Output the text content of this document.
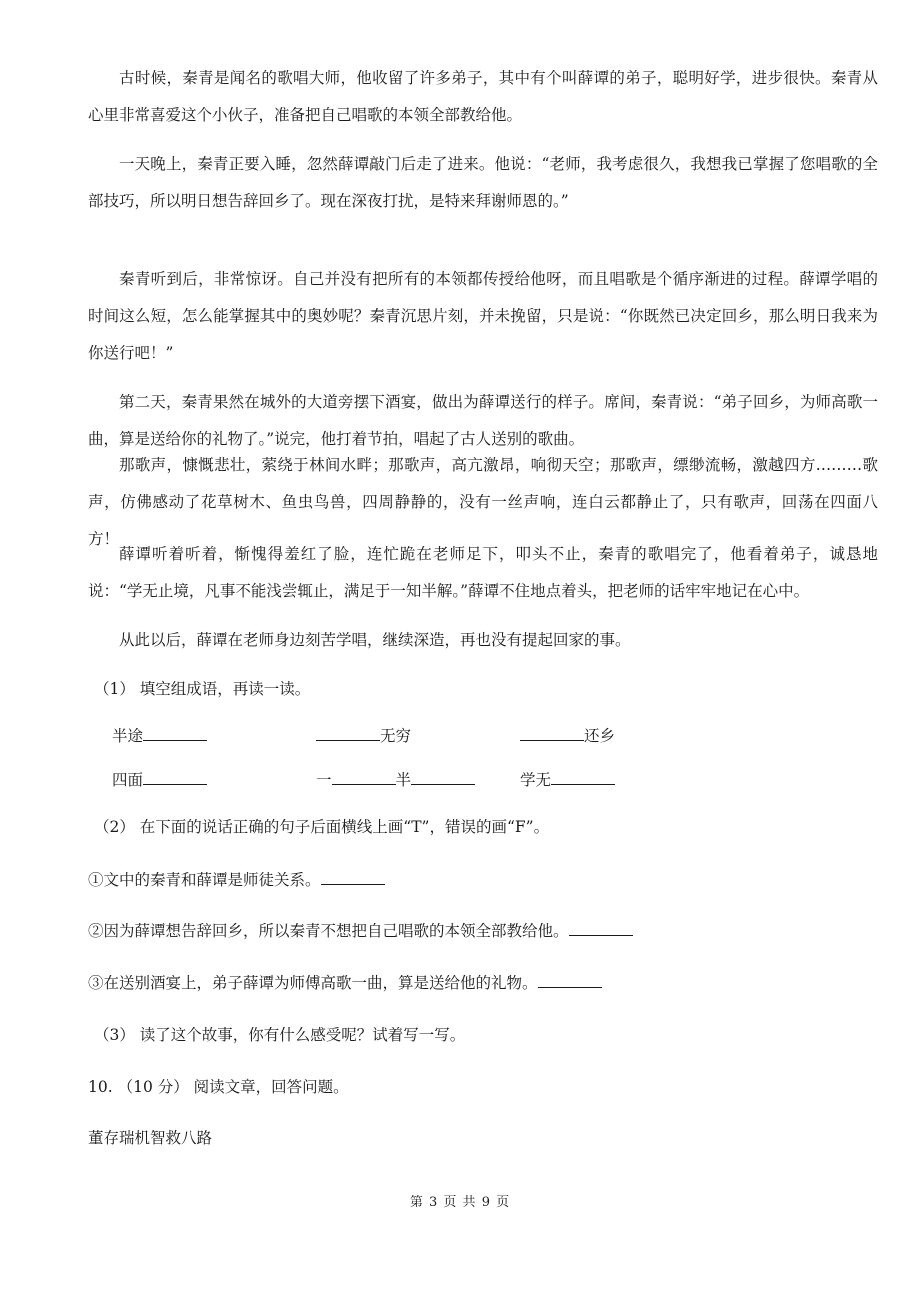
古时候，秦青是闻名的歌唱大师，他收留了许多弟子，其中有个叫薛谭的弟子，聪明好学，进步很快。秦青从心里非常喜爱这个小伙子，准备把自己唱歌的本领全部教给他。

一天晚上，秦青正要入睡，忽然薛谭敲门后走了进来。他说：“老师，我考虑很久，我想我已掌握了您唱歌的全部技巧，所以明日想告辞回乡了。现在深夜打扰，是特来拜谢师恩的。”

秦青听到后，非常惊讶。自己并没有把所有的本领都传授给他呀，而且唱歌是个循序渐进的过程。薛谭学唱的时间这么短，怎么能掌握其中的奥妙呢？秦青沉思片刻，并未挽留，只是说：“你既然已决定回乡，那么明日我来为你送行吧！”

第二天，秦青果然在城外的大道旁摆下酒宴，做出为薛谭送行的样子。席间，秦青说：“弟子回乡，为师高歌一曲，算是送给你的礼物了。”说完，他打着节拍，唱起了古人送别的歌曲。

那歌声，慷慨悲壮，萦绕于林间水畔；那歌声，高亢激昂，响彻天空；那歌声，缥缈流畅，激越四方………歌声，仿佛感动了花草树木、鱼虫鸟兽，四周静静的，没有一丝声响，连白云都静止了，只有歌声，回荡在四面八方！

薛谭听着听着，惭愧得羞红了脸，连忙跪在老师足下，叩头不止，秦青的歌唱完了，他看着弟子，诚恳地说：“学无止境，凡事不能浅尝辄止，满足于一知半解。”薛谭不住地点着头，把老师的话牢牢地记在心中。

从此以后，薛谭在老师身边刻苦学唱，继续深造，再也没有提起回家的事。

（1） 填空组成语，再读一读。

半途	无穷	还乡
四面	一	半	学无

（2） 在下面的说话正确的句子后面横线上画“T”，错误的画“F”。

①文中的秦青和薛谭是师徒关系。
②因为薛谭想告辞回乡，所以秦青不想把自己唱歌的本领全部教给他。
③在送别酒宴上，弟子薛谭为师傅高歌一曲，算是送给他的礼物。

（3） 读了这个故事，你有什么感受呢？试着写一写。

10. （10 分） 阅读文章，回答问题。

董存瑞机智救八路

第 3 页 共 9 页
